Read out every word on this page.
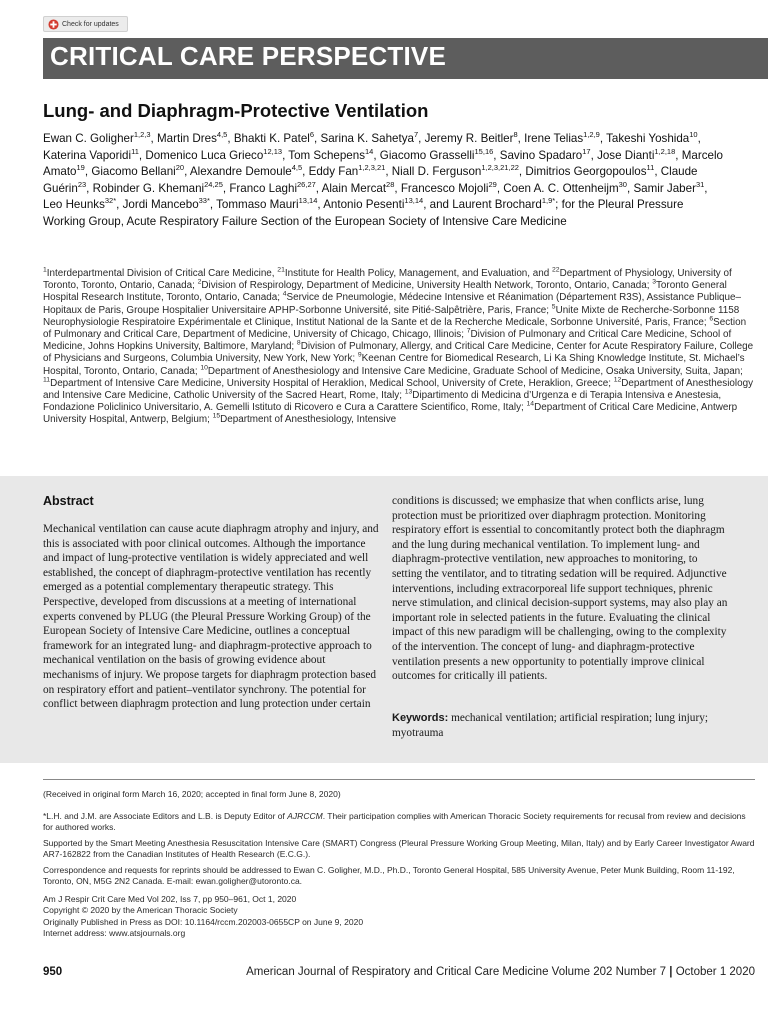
Check for updates
CRITICAL CARE PERSPECTIVE
Lung- and Diaphragm-Protective Ventilation

Ewan C. Goligher$^{1,2,3}$, Martin Dres$^{4,5}$, Bhakti K. Patel$^6$, Sarina K. Sahetya$^7$, Jeremy R. Beitler$^8$, Irene Telias$^{1,2,9}$, Takeshi Yoshida$^{10}$, Katerina Vaporidi$^{11}$, Domenico Luca Grieco$^{12,13}$, Tom Schepens$^{14}$, Giacomo Grasselli$^{15,16}$, Savino Spadaro$^{17}$, Jose Dianti$^{1,2,18}$, Marcelo Amato$^{19}$, Giacomo Bellani$^{20}$, Alexandre Demoule$^{4,5}$, Eddy Fan$^{1,2,3,21}$, Niall D. Ferguson$^{1,2,3,21,22}$, Dimitrios Georgopoulos$^{11}$, Claude Guérin$^{23}$, Robinder G. Khemani$^{24,25}$, Franco Laghi$^{26,27}$, Alain Mercat$^{28}$, Francesco Mojoli$^{29}$, Coen A. C. Ottenheijm$^{30}$, Samir Jaber$^{31}$, Leo Heunks$^{32*}$, Jordi Mancebo$^{33*}$, Tommaso Mauri$^{13,14}$, Antonio Pesenti$^{13,14}$, and Laurent Brochard$^{1,9*}$; for the Pleural Pressure Working Group, Acute Respiratory Failure Section of the European Society of Intensive Care Medicine

$^1$Interdepartmental Division of Critical Care Medicine, $^{21}$Institute for Health Policy, Management, and Evaluation, and $^{22}$Department of Physiology, University of Toronto, Toronto, Ontario, Canada; $^2$Division of Respirology, Department of Medicine, University Health Network, Toronto, Ontario, Canada; $^3$Toronto General Hospital Research Institute, Toronto, Ontario, Canada; $^4$Service de Pneumologie, Médecine Intensive et Réanimation (Département R3S), Assistance Publique–Hopitaux de Paris, Groupe Hospitalier Universitaire APHP-Sorbonne Université, site Pitié-Salpêtrière, Paris, France; $^5$Unite Mixte de Recherche-Sorbonne 1158 Neurophysiologie Respiratoire Expérimentale et Clinique, Institut National de la Sante et de la Recherche Medicale, Sorbonne Université, Paris, France; $^6$Section of Pulmonary and Critical Care, Department of Medicine, University of Chicago, Chicago, Illinois; $^7$Division of Pulmonary and Critical Care Medicine, School of Medicine, Johns Hopkins University, Baltimore, Maryland; $^8$Division of Pulmonary, Allergy, and Critical Care Medicine, Center for Acute Respiratory Failure, College of Physicians and Surgeons, Columbia University, New York, New York; $^9$Keenan Centre for Biomedical Research, Li Ka Shing Knowledge Institute, St. Michael’s Hospital, Toronto, Ontario, Canada; $^{10}$Department of Anesthesiology and Intensive Care Medicine, Graduate School of Medicine, Osaka University, Suita, Japan; $^{11}$Department of Intensive Care Medicine, University Hospital of Heraklion, Medical School, University of Crete, Heraklion, Greece; $^{12}$Department of Anesthesiology and Intensive Care Medicine, Catholic University of the Sacred Heart, Rome, Italy; $^{13}$Dipartimento di Medicina d’Urgenza e di Terapia Intensiva e Anestesia, Fondazione Policlinico Universitario, A. Gemelli Istituto di Ricovero e Cura a Carattere Scientifico, Rome, Italy; $^{14}$Department of Critical Care Medicine, Antwerp University Hospital, Antwerp, Belgium; $^{15}$Department of Anesthesiology, Intensive

Abstract

Mechanical ventilation can cause acute diaphragm atrophy and injury, and this is associated with poor clinical outcomes. Although the importance and impact of lung-protective ventilation is widely appreciated and well established, the concept of diaphragm-protective ventilation has recently emerged as a potential complementary therapeutic strategy. This Perspective, developed from discussions at a meeting of international experts convened by PLUG (the Pleural Pressure Working Group) of the European Society of Intensive Care Medicine, outlines a conceptual framework for an integrated lung- and diaphragm-protective approach to mechanical ventilation on the basis of growing evidence about mechanisms of injury. We propose targets for diaphragm protection based on respiratory effort and patient–ventilator synchrony. The potential for conflict between diaphragm protection and lung protection under certain

conditions is discussed; we emphasize that when conflicts arise, lung protection must be prioritized over diaphragm protection. Monitoring respiratory effort is essential to concomitantly protect both the diaphragm and the lung during mechanical ventilation. To implement lung- and diaphragm-protective ventilation, new approaches to monitoring, to setting the ventilator, and to titrating sedation will be required. Adjunctive interventions, including extracorporeal life support techniques, phrenic nerve stimulation, and clinical decision-support systems, may also play an important role in selected patients in the future. Evaluating the clinical impact of this new paradigm will be challenging, owing to the complexity of the intervention. The concept of lung- and diaphragm-protective ventilation presents a new opportunity to potentially improve clinical outcomes for critically ill patients.

Keywords: mechanical ventilation; artificial respiration; lung injury; myotrauma

(Received in original form March 16, 2020; accepted in final form June 8, 2020)

*L.H. and J.M. are Associate Editors and L.B. is Deputy Editor of AJRCCM. Their participation complies with American Thoracic Society requirements for recusal from review and decisions for authored works.

Supported by the Smart Meeting Anesthesia Resuscitation Intensive Care (SMART) Congress (Pleural Pressure Working Group Meeting, Milan, Italy) and by Early Career Investigator Award AR7-162822 from the Canadian Institutes of Health Research (E.C.G.).

Correspondence and requests for reprints should be addressed to Ewan C. Goligher, M.D., Ph.D., Toronto General Hospital, 585 University Avenue, Peter Munk Building, Room 11-192, Toronto, ON, M5G 2N2 Canada. E-mail: ewan.goligher@utoronto.ca.

Am J Respir Crit Care Med Vol 202, Iss 7, pp 950–961, Oct 1, 2020
Copyright © 2020 by the American Thoracic Society
Originally Published in Press as DOI: 10.1164/rccm.202003-0655CP on June 9, 2020
Internet address: www.atsjournals.org

950	American Journal of Respiratory and Critical Care Medicine Volume 202 Number 7 | October 1 2020
